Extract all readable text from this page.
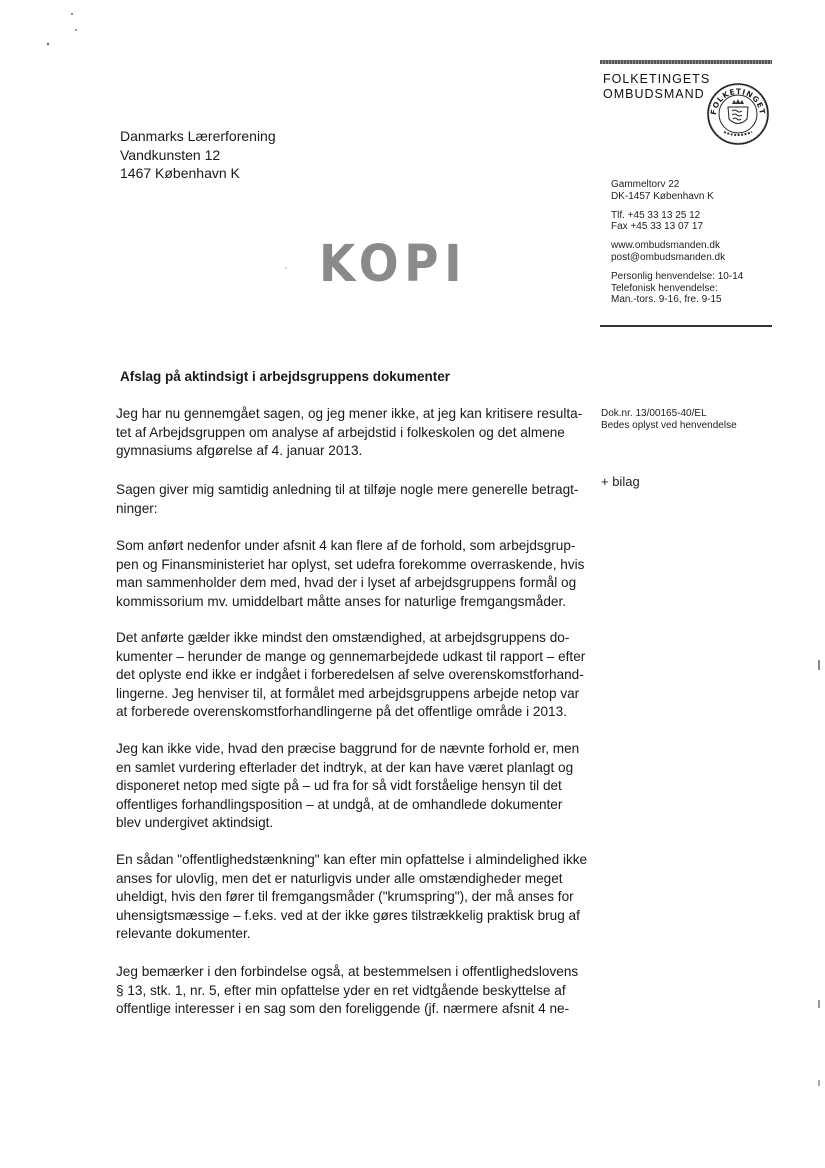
FOLKETINGETS
OMBUDSMAND
FOLKETINGET
Danmarks Lærerforening
Vandkunsten 12
1467 København K
KOPI
Gammeltorv 22
DK-1457 København K
Tlf. +45 33 13 25 12
Fax +45 33 13 07 17
www.ombudsmanden.dk
post@ombudsmanden.dk
Personlig henvendelse: 10-14
Telefonisk henvendelse:
Man.-tors. 9-16, fre. 9-15
Afslag på aktindsigt i arbejdsgruppens dokumenter
Dok.nr. 13/00165-40/EL
Bedes oplyst ved henvendelse
+ bilag
Jeg har nu gennemgået sagen, og jeg mener ikke, at jeg kan kritisere resulta-
tet af Arbejdsgruppen om analyse af arbejdstid i folkeskolen og det almene
gymnasiums afgørelse af 4. januar 2013.
Sagen giver mig samtidig anledning til at tilføje nogle mere generelle betragt-
ninger:
Som anført nedenfor under afsnit 4 kan flere af de forhold, som arbejdsgrup-
pen og Finansministeriet har oplyst, set udefra forekomme overraskende, hvis
man sammenholder dem med, hvad der i lyset af arbejdsgruppens formål og
kommissorium mv. umiddelbart måtte anses for naturlige fremgangsmåder.
Det anførte gælder ikke mindst den omstændighed, at arbejdsgruppens do-
kumenter – herunder de mange og gennemarbejdede udkast til rapport – efter
det oplyste end ikke er indgået i forberedelsen af selve overenskomstforhand-
lingerne. Jeg henviser til, at formålet med arbejdsgruppens arbejde netop var
at forberede overenskomstforhandlingerne på det offentlige område i 2013.
Jeg kan ikke vide, hvad den præcise baggrund for de nævnte forhold er, men
en samlet vurdering efterlader det indtryk, at der kan have været planlagt og
disponeret netop med sigte på – ud fra for så vidt forståelige hensyn til det
offentliges forhandlingsposition – at undgå, at de omhandlede dokumenter
blev undergivet aktindsigt.
En sådan "offentlighedstænkning" kan efter min opfattelse i almindelighed ikke
anses for ulovlig, men det er naturligvis under alle omstændigheder meget
uheldigt, hvis den fører til fremgangsmåder ("krumspring"), der må anses for
uhensigtsmæssige – f.eks. ved at der ikke gøres tilstrækkelig praktisk brug af
relevante dokumenter.
Jeg bemærker i den forbindelse også, at bestemmelsen i offentlighedslovens
§ 13, stk. 1, nr. 5, efter min opfattelse yder en ret vidtgående beskyttelse af
offentlige interesser i en sag som den foreliggende (jf. nærmere afsnit 4 ne-
